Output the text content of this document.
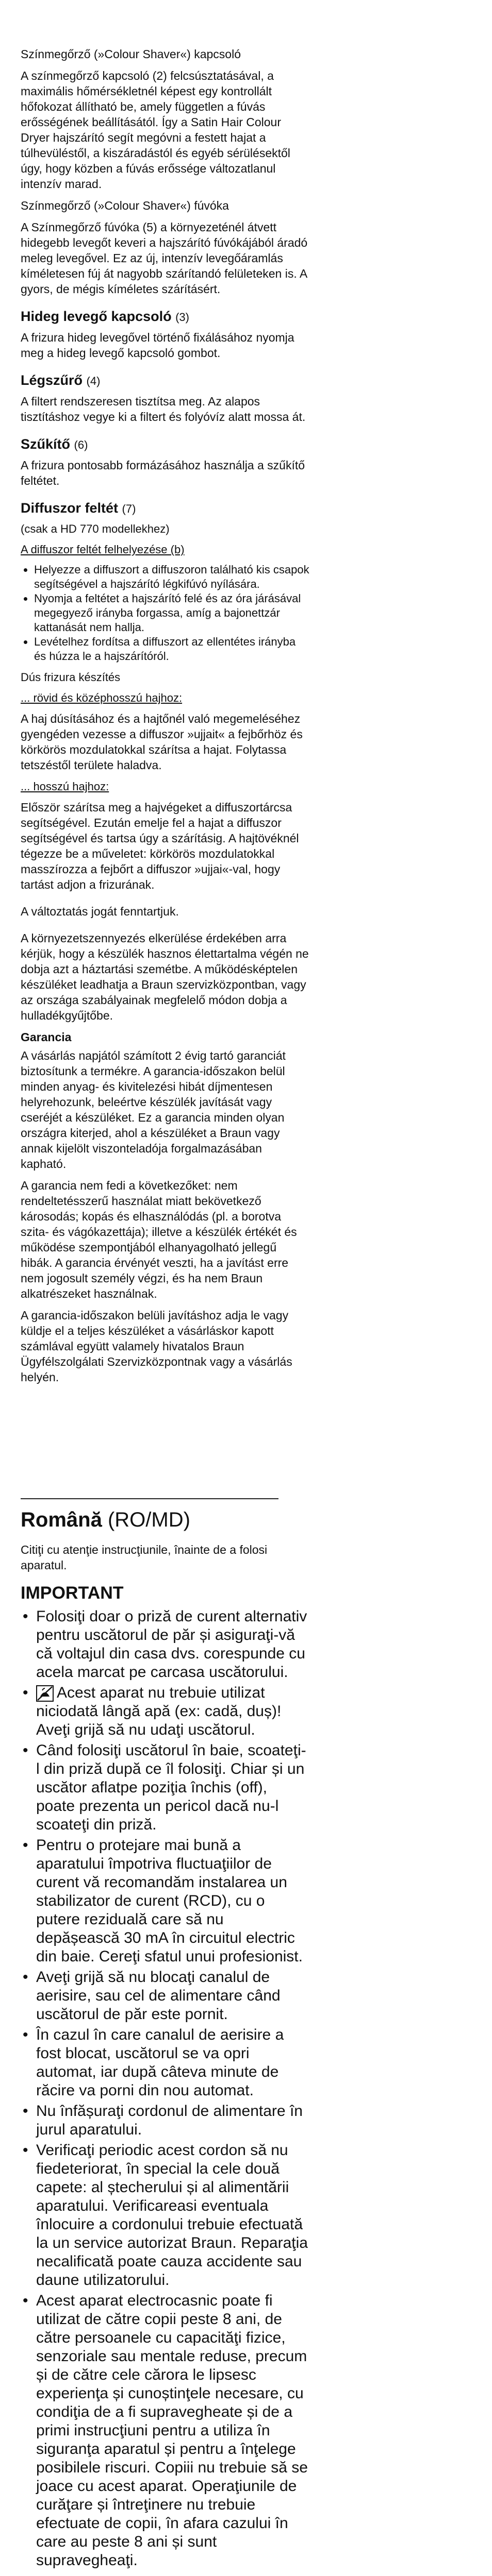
Színmegőrző (»Colour Shaver«) kapcsoló

A színmegőrző kapcsoló (2) felcsúsztatásával, a maximális hőmérsékletnél képest egy kontrollált hőfokozat állítható be, amely független a fúvás erősségének beállításától. Így a Satin Hair Colour Dryer hajszárító segít megóvni a festett hajat a túlhevüléstől, a kiszáradástól és egyéb sérülésektől úgy, hogy közben a fúvás erőssége változatlanul intenzív marad.

Színmegőrző (»Colour Shaver«) fúvóka

A Színmegőrző fúvóka (5) a környezeténél átvett hidegebb levegőt keveri a hajszárító fúvókájából áradó meleg levegővel. Ez az új, intenzív levegőáramlás kíméletesen fúj át nagyobb szárítandó felületeken is. A gyors, de mégis kíméletes szárításért.

Hideg levegő kapcsoló (3)

A frizura hideg levegővel történő fixálásához nyomja meg a hideg levegő kapcsoló gombot.

Légszűrő (4)

A filtert rendszeresen tisztítsa meg. Az alapos tisztításhoz vegye ki a filtert és folyóvíz alatt mossa át.

Szűkítő (6)

A frizura pontosabb formázásához használja a szűkítő feltétet.

Diffuszor feltét (7)

(csak a HD 770 modellekhez)

A diffuszor feltét felhelyezése (b)

• Helyezze a diffuszort a diffuszoron található kis csapok segítségével a hajszárító légkifúvó nyílására.
• Nyomja a feltétet a hajszárító felé és az óra járásával megegyező irányba forgassa, amíg a bajonettzár kattanását nem hallja.
• Levételhez fordítsa a diffuszort az ellentétes irányba és húzza le a hajszárítóról.

Dús frizura készítés

... rövid és középhosszú hajhoz:

A haj dúsításához és a hajtőnél való megemeléséhez gyengéden vezesse a diffuszor »ujjait« a fejbőrhöz és körkörös mozdulatokkal szárítsa a hajat. Folytassa tetszéstől területe haladva.

... hosszú hajhoz:

Először szárítsa meg a hajvégeket a diffuszortárcsa segítségével. Ezután emelje fel a hajat a diffuszor segítségével és tartsa úgy a szárításig. A hajtövéknél tégezze be a műveletet: körkörös mozdulatokkal masszírozza a fejbőrt a diffuszor »ujjai«-val, hogy tartást adjon a frizurának.

A változtatás jogát fenntartjuk.

A környezetszennyezés elkerülése érdekében arra kérjük, hogy a készülék hasznos élettartalma végén ne dobja azt a háztartási szemétbe. A működésképtelen készüléket leadhatja a Braun szervizközpontban, vagy az országa szabályainak megfelelő módon dobja a hulladékgyűjtőbe.

Garancia

A vásárlás napjától számított 2 évig tartó garanciát biztosítunk a termékre. A garancia-időszakon belül minden anyag- és kivitelezési hibát díjmentesen helyrehozunk, beleértve készülék javítását vagy cseréjét a készüléket. Ez a garancia minden olyan országra kiterjed, ahol a készüléket a Braun vagy annak kijelölt viszonteladója forgalmazásában kapható.

A garancia nem fedi a következőket: nem rendeltetésszerű használat miatt bekövetkező károsodás; kopás és elhasználódás (pl. a borotva szita- és vágókazettája); illetve a készülék értékét és működése szempontjából elhanyagolható jellegű hibák. A garancia érvényét veszti, ha a javítást erre nem jogosult személy végzi, és ha nem Braun alkatrészeket használnak.

A garancia-időszakon belüli javításhoz adja le vagy küldje el a teljes készüléket a vásárláskor kapott számlával együtt valamely hivatalos Braun Ügyfélszolgálati Szervizközpontnak vagy a vásárlás helyén.

Română (RO/MD)

Citiţi cu atenţie instrucţiunile, înainte de a folosi aparatul.

IMPORTANT
• Folosiţi doar o priză de curent alternativ pentru uscătorul de păr și asiguraţi-vă că voltajul din casa dvs. corespunde cu acela marcat pe carcasa uscătorului.
• Acest aparat nu trebuie utilizat niciodată lângă apă (ex: cadă, duș)! Aveţi grijă să nu udaţi uscătorul.
• Când folosiţi uscătorul în baie, scoateţi-l din priză după ce îl folosiţi. Chiar și un uscător aflatpe poziţia închis (off), poate prezenta un pericol dacă nu-l scoateţi din priză.
• Pentru o protejare mai bună a aparatului împotriva fluctuaţiilor de curent vă recomandăm instalarea un stabilizator de curent (RCD), cu o putere reziduală care să nu depășească 30 mA în circuitul electric din baie. Cereţi sfatul unui profesionist.
• Aveţi grijă să nu blocaţi canalul de aerisire, sau cel de alimentare când uscătorul de păr este pornit.
• În cazul în care canalul de aerisire a fost blocat, uscătorul se va opri automat, iar după câteva minute de răcire va porni din nou automat.
• Nu înfășuraţi cordonul de alimentare în jurul aparatului.
• Verificaţi periodic acest cordon să nu fiedeteriorat, în special la cele două capete: al ștecherului și al alimentării aparatului. Verificareasi eventuala înlocuire a cordonului trebuie efectuată la un service autorizat Braun. Reparaţia necalificată poate cauza accidente sau daune utilizatorului.
• Acest aparat electrocasnic poate fi utilizat de către copii peste 8 ani, de către persoanele cu capacităţi fizice, senzoriale sau mentale reduse, precum și de către cele cărora le lipsesc experienţa și cunoștinţele necesare, cu condiţia de a fi supravegheate și de a primi instrucţiuni pentru a utiliza în siguranţa aparatul și pentru a înţelege posibilele riscuri. Copiii nu trebuie să se joace cu acest aparat. Operaţiunile de curăţare și întreţinere nu trebuie efectuate de copii, în afara cazului în care au peste 8 ani și sunt supravegheaţi.
